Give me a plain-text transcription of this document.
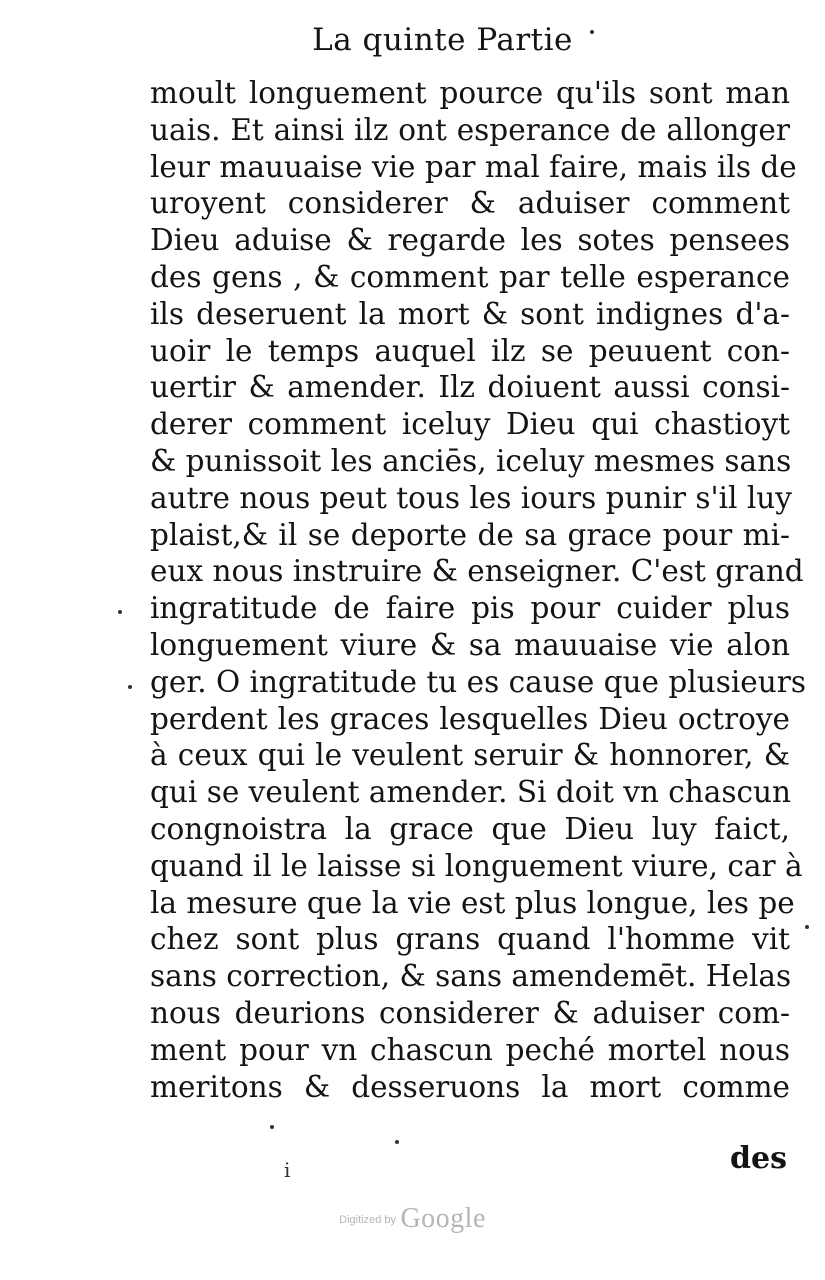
La quinte Partie
moult longuement pource qu'ils sont man
uais. Et ainsi ilz ont esperance de allonger
leur mauuaise vie par mal faire, mais ils de
uroyent considerer & aduiser comment
Dieu aduise & regarde les sotes pensees
des gens , & comment par telle esperance
ils deseruent la mort & sont indignes d'a-
uoir le temps auquel ilz se peuuent con-
uertir & amender. Ilz doiuent aussi consi-
derer comment iceluy Dieu qui chastioyt
& punissoit les anciēs, iceluy mesmes sans
autre nous peut tous les iours punir s'il luy
plaist,& il se deporte de sa grace pour mi-
eux nous instruire & enseigner. C'est grand
ingratitude de faire pis pour cuider plus
longuement viure & sa mauuaise vie alon
ger. O ingratitude tu es cause que plusieurs
perdent les graces lesquelles Dieu octroye
à ceux qui le veulent seruir & honnorer, &
qui se veulent amender. Si doit vn chascun
congnoistra la grace que Dieu luy faict,
quand il le laisse si longuement viure, car à
la mesure que la vie est plus longue, les pe
chez sont plus grans quand l'homme vit
sans correction, & sans amendemēt. Helas
nous deurions considerer & aduiser com-
ment pour vn chascun peché mortel nous
meritons & desseruons la mort comme
des
i
$^{Digitized by}$ Google
